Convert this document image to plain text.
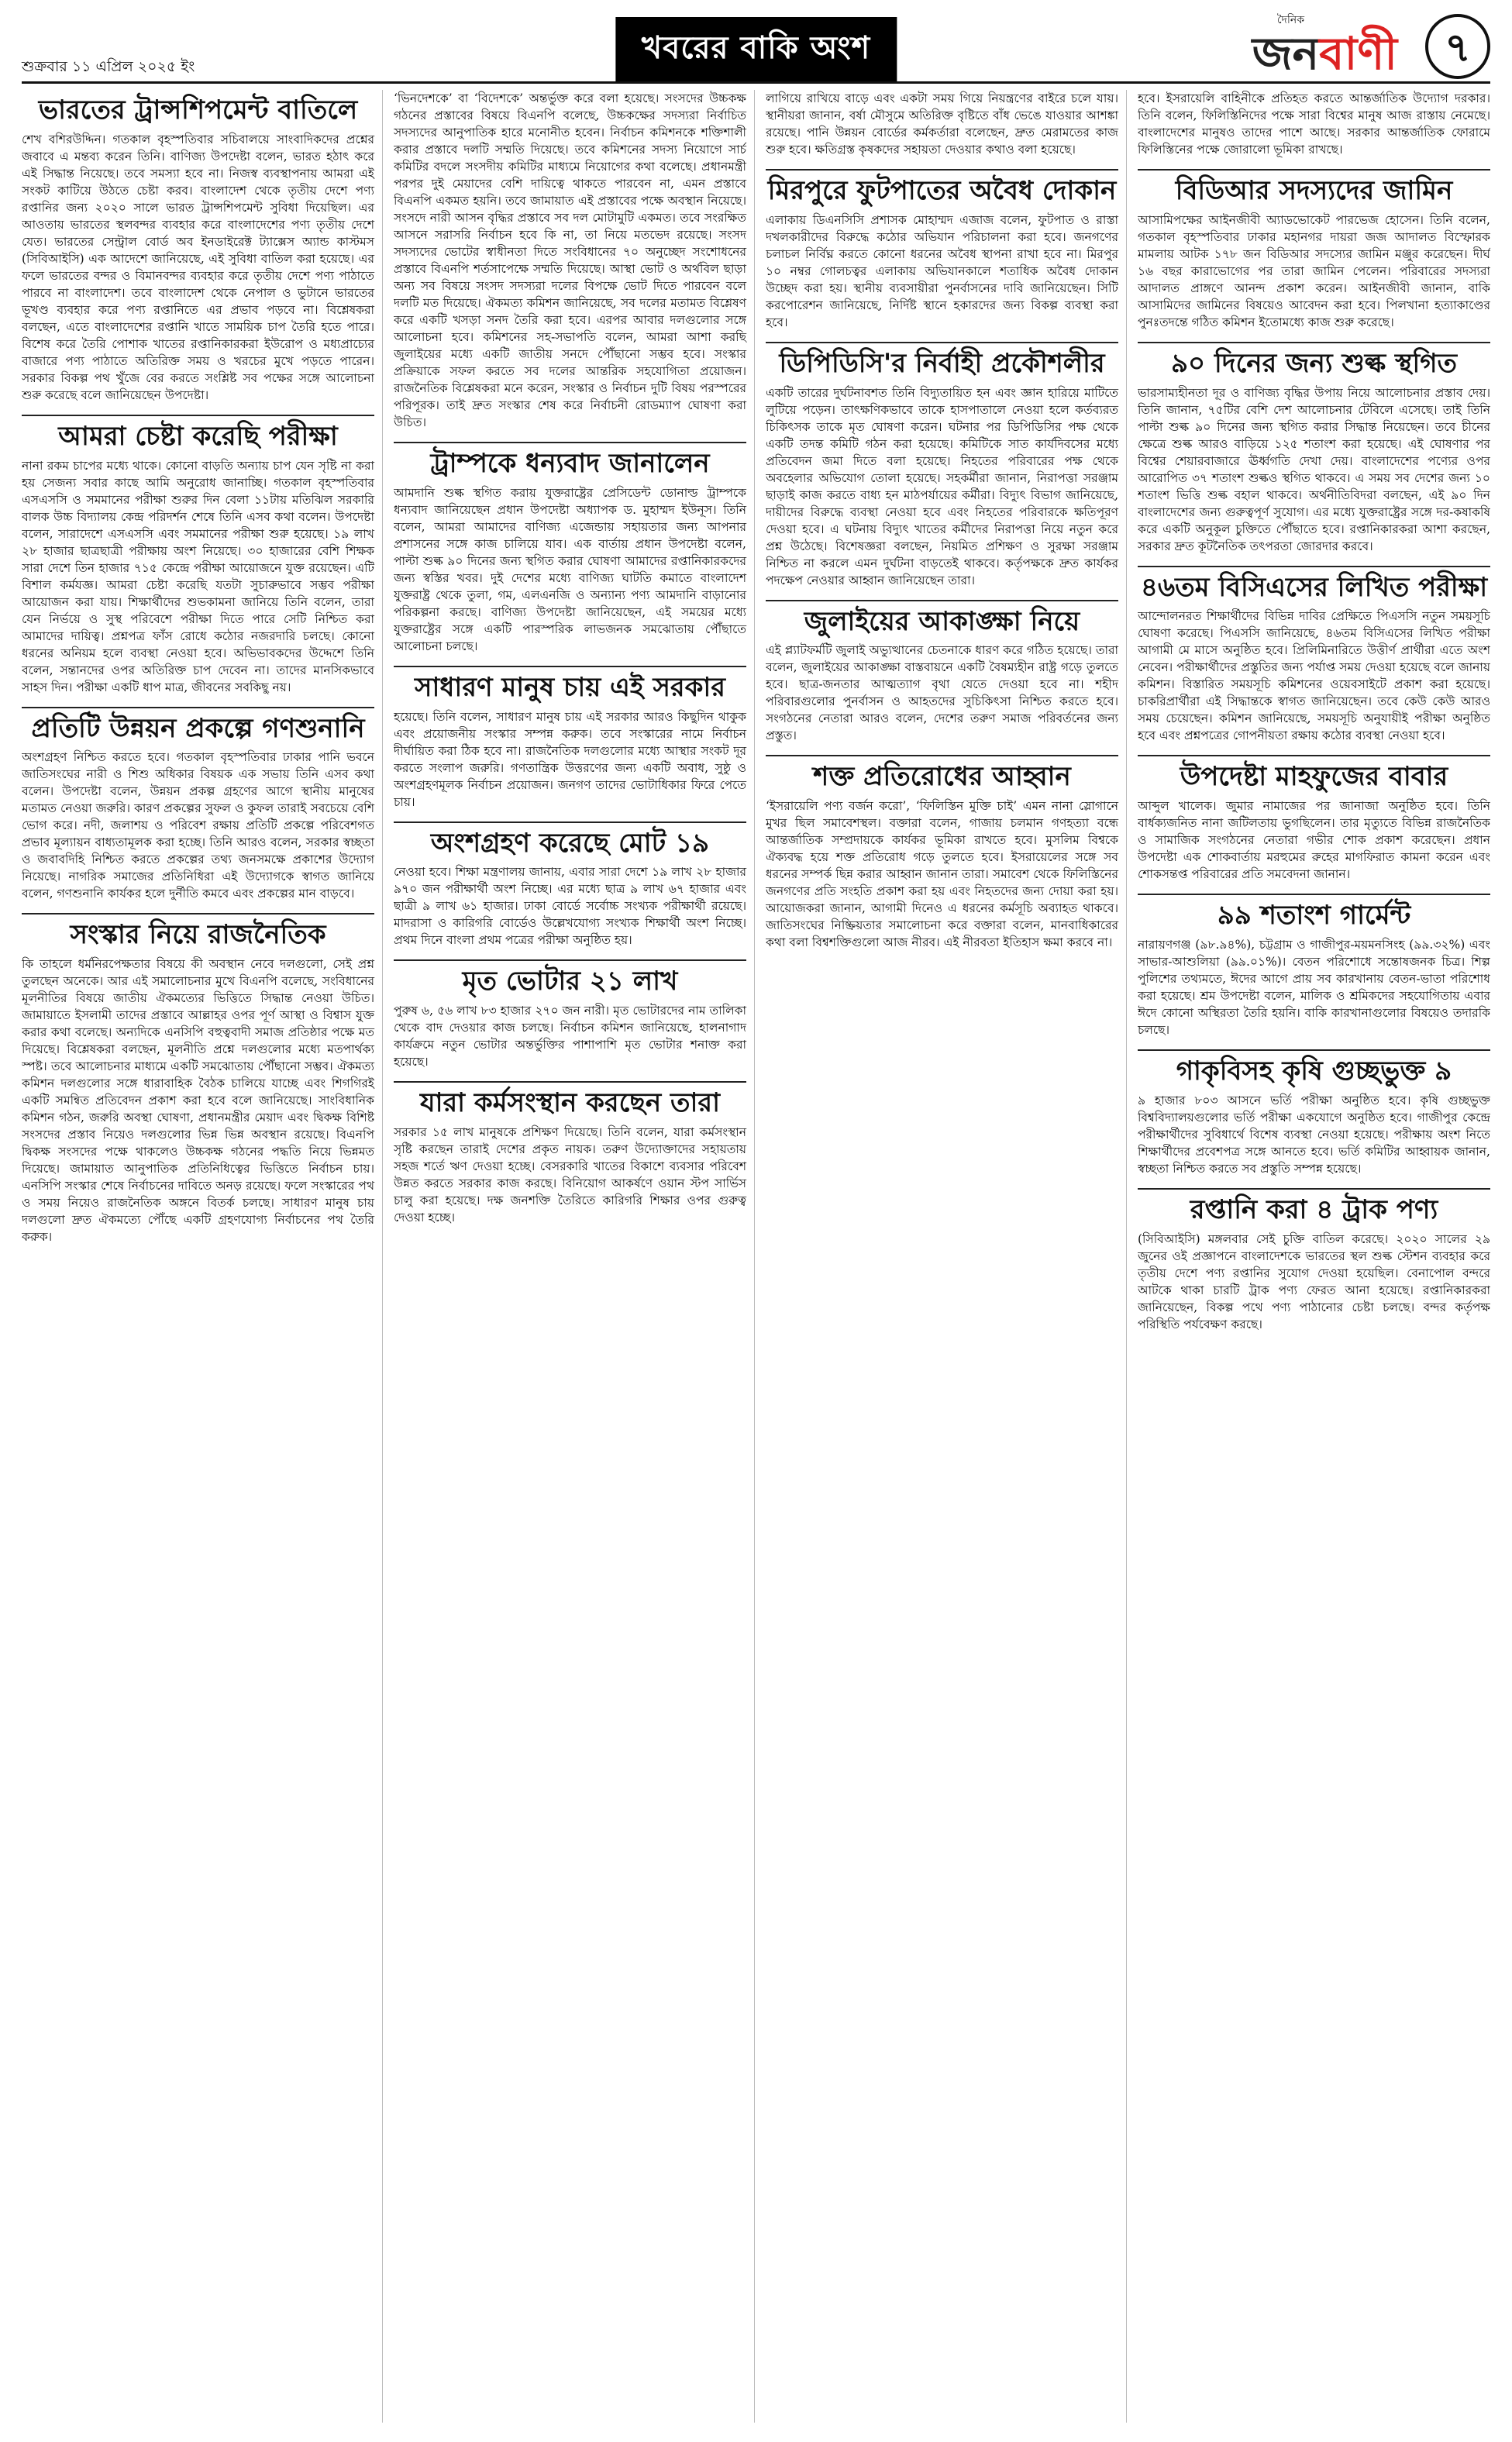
শুক্রবার ১১ এপ্রিল ২০২৫ ইং
খবরের বাকি অংশ
দৈনিক
জনবাণী	৭
ভারতের ট্রান্সশিপমেন্ট বাতিলে

শেখ বশিরউদ্দিন। গতকাল বৃহস্পতিবার সচিবালয়ে সাংবাদিকদের প্রশ্নের জবাবে এ মন্তব্য করেন তিনি। বাণিজ্য উপদেষ্টা বলেন, ভারত হঠাৎ করে এই সিদ্ধান্ত নিয়েছে। তবে সমস্যা হবে না। নিজস্ব ব্যবস্থাপনায় আমরা এই সংকট কাটিয়ে উঠতে চেষ্টা করব। বাংলাদেশ থেকে তৃতীয় দেশে পণ্য রপ্তানির জন্য ২০২০ সালে ভারত ট্রান্সশিপমেন্ট সুবিধা দিয়েছিল। এর আওতায় ভারতের স্থলবন্দর ব্যবহার করে বাংলাদেশের পণ্য তৃতীয় দেশে যেত। ভারতের সেন্ট্রাল বোর্ড অব ইনডাইরেক্ট ট্যাক্সেস অ্যান্ড কাস্টমস (সিবিআইসি) এক আদেশে জানিয়েছে, এই সুবিধা বাতিল করা হয়েছে। এর ফলে ভারতের বন্দর ও বিমানবন্দর ব্যবহার করে তৃতীয় দেশে পণ্য পাঠাতে পারবে না বাংলাদেশ। তবে বাংলাদেশ থেকে নেপাল ও ভুটানে ভারতের ভূখণ্ড ব্যবহার করে পণ্য রপ্তানিতে এর প্রভাব পড়বে না। বিশ্লেষকরা বলছেন, এতে বাংলাদেশের রপ্তানি খাতে সাময়িক চাপ তৈরি হতে পারে। বিশেষ করে তৈরি পোশাক খাতের রপ্তানিকারকরা ইউরোপ ও মধ্যপ্রাচ্যের বাজারে পণ্য পাঠাতে অতিরিক্ত সময় ও খরচের মুখে পড়তে পারেন। সরকার বিকল্প পথ খুঁজে বের করতে সংশ্লিষ্ট সব পক্ষের সঙ্গে আলোচনা শুরু করেছে বলে জানিয়েছেন উপদেষ্টা।

আমরা চেষ্টা করেছি পরীক্ষা

নানা রকম চাপের মধ্যে থাকে। কোনো বাড়তি অন্যায় চাপ যেন সৃষ্টি না করা হয় সেজন্য সবার কাছে আমি অনুরোধ জানাচ্ছি। গতকাল বৃহস্পতিবার এসএসসি ও সমমানের পরীক্ষা শুরুর দিন বেলা ১১টায় মতিঝিল সরকারি বালক উচ্চ বিদ্যালয় কেন্দ্র পরিদর্শন শেষে তিনি এসব কথা বলেন। উপদেষ্টা বলেন, সারাদেশে এসএসসি এবং সমমানের পরীক্ষা শুরু হয়েছে। ১৯ লাখ ২৮ হাজার ছাত্রছাত্রী পরীক্ষায় অংশ নিয়েছে। ৩০ হাজারের বেশি শিক্ষক সারা দেশে তিন হাজার ৭১৫ কেন্দ্রে পরীক্ষা আয়োজনে যুক্ত রয়েছেন। এটি বিশাল কর্মযজ্ঞ। আমরা চেষ্টা করেছি যতটা সুচারুভাবে সম্ভব পরীক্ষা আয়োজন করা যায়। শিক্ষার্থীদের শুভকামনা জানিয়ে তিনি বলেন, তারা যেন নির্ভয়ে ও সুস্থ পরিবেশে পরীক্ষা দিতে পারে সেটি নিশ্চিত করা আমাদের দায়িত্ব। প্রশ্নপত্র ফাঁস রোধে কঠোর নজরদারি চলছে। কোনো ধরনের অনিয়ম হলে ব্যবস্থা নেওয়া হবে। অভিভাবকদের উদ্দেশে তিনি বলেন, সন্তানদের ওপর অতিরিক্ত চাপ দেবেন না। তাদের মানসিকভাবে সাহস দিন। পরীক্ষা একটি ধাপ মাত্র, জীবনের সবকিছু নয়।

প্রতিটি উন্নয়ন প্রকল্পে গণশুনানি

অংশগ্রহণ নিশ্চিত করতে হবে। গতকাল বৃহস্পতিবার ঢাকার পানি ভবনে জাতিসংঘের নারী ও শিশু অধিকার বিষয়ক এক সভায় তিনি এসব কথা বলেন। উপদেষ্টা বলেন, উন্নয়ন প্রকল্প গ্রহণের আগে স্থানীয় মানুষের মতামত নেওয়া জরুরি। কারণ প্রকল্পের সুফল ও কুফল তারাই সবচেয়ে বেশি ভোগ করে। নদী, জলাশয় ও পরিবেশ রক্ষায় প্রতিটি প্রকল্পে পরিবেশগত প্রভাব মূল্যায়ন বাধ্যতামূলক করা হচ্ছে। তিনি আরও বলেন, সরকার স্বচ্ছতা ও জবাবদিহি নিশ্চিত করতে প্রকল্পের তথ্য জনসমক্ষে প্রকাশের উদ্যোগ নিয়েছে। নাগরিক সমাজের প্রতিনিধিরা এই উদ্যোগকে স্বাগত জানিয়ে বলেন, গণশুনানি কার্যকর হলে দুর্নীতি কমবে এবং প্রকল্পের মান বাড়বে।

সংস্কার নিয়ে রাজনৈতিক

কি তাহলে ধর্মনিরপেক্ষতার বিষয়ে কী অবস্থান নেবে দলগুলো, সেই প্রশ্ন তুলছেন অনেকে। আর এই সমালোচনার মুখে বিএনপি বলেছে, সংবিধানের মূলনীতির বিষয়ে জাতীয় ঐকমত্যের ভিত্তিতে সিদ্ধান্ত নেওয়া উচিত। জামায়াতে ইসলামী তাদের প্রস্তাবে আল্লাহর ওপর পূর্ণ আস্থা ও বিশ্বাস যুক্ত করার কথা বলেছে। অন্যদিকে এনসিপি বহুত্ববাদী সমাজ প্রতিষ্ঠার পক্ষে মত দিয়েছে। বিশ্লেষকরা বলছেন, মূলনীতি প্রশ্নে দলগুলোর মধ্যে মতপার্থক্য স্পষ্ট। তবে আলোচনার মাধ্যমে একটি সমঝোতায় পৌঁছানো সম্ভব। ঐকমত্য কমিশন দলগুলোর সঙ্গে ধারাবাহিক বৈঠক চালিয়ে যাচ্ছে এবং শিগগিরই একটি সমন্বিত প্রতিবেদন প্রকাশ করা হবে বলে জানিয়েছে। সাংবিধানিক কমিশন গঠন, জরুরি অবস্থা ঘোষণা, প্রধানমন্ত্রীর মেয়াদ এবং দ্বিকক্ষ বিশিষ্ট সংসদের প্রস্তাব নিয়েও দলগুলোর ভিন্ন ভিন্ন অবস্থান রয়েছে। বিএনপি দ্বিকক্ষ সংসদের পক্ষে থাকলেও উচ্চকক্ষ গঠনের পদ্ধতি নিয়ে ভিন্নমত দিয়েছে। জামায়াত আনুপাতিক প্রতিনিধিত্বের ভিত্তিতে নির্বাচন চায়। এনসিপি সংস্কার শেষে নির্বাচনের দাবিতে অনড় রয়েছে। ফলে সংস্কারের পথ ও সময় নিয়েও রাজনৈতিক অঙ্গনে বিতর্ক চলছে। সাধারণ মানুষ চায় দলগুলো দ্রুত ঐকমত্যে পৌঁছে একটি গ্রহণযোগ্য নির্বাচনের পথ তৈরি করুক।

‘ভিনদেশকে’ বা ‘বিদেশকে’ অন্তর্ভুক্ত করে বলা হয়েছে। সংসদের উচ্চকক্ষ গঠনের প্রস্তাবের বিষয়ে বিএনপি বলেছে, উচ্চকক্ষের সদস্যরা নির্বাচিত সদস্যদের আনুপাতিক হারে মনোনীত হবেন। নির্বাচন কমিশনকে শক্তিশালী করার প্রস্তাবে দলটি সম্মতি দিয়েছে। তবে কমিশনের সদস্য নিয়োগে সার্চ কমিটির বদলে সংসদীয় কমিটির মাধ্যমে নিয়োগের কথা বলেছে। প্রধানমন্ত্রী পরপর দুই মেয়াদের বেশি দায়িত্বে থাকতে পারবেন না, এমন প্রস্তাবে বিএনপি একমত হয়নি। তবে জামায়াত এই প্রস্তাবের পক্ষে অবস্থান নিয়েছে। সংসদে নারী আসন বৃদ্ধির প্রস্তাবে সব দল মোটামুটি একমত। তবে সংরক্ষিত আসনে সরাসরি নির্বাচন হবে কি না, তা নিয়ে মতভেদ রয়েছে। সংসদ সদস্যদের ভোটের স্বাধীনতা দিতে সংবিধানের ৭০ অনুচ্ছেদ সংশোধনের প্রস্তাবে বিএনপি শর্তসাপেক্ষে সম্মতি দিয়েছে। আস্থা ভোট ও অর্থবিল ছাড়া অন্য সব বিষয়ে সংসদ সদস্যরা দলের বিপক্ষে ভোট দিতে পারবেন বলে দলটি মত দিয়েছে। ঐকমত্য কমিশন জানিয়েছে, সব দলের মতামত বিশ্লেষণ করে একটি খসড়া সনদ তৈরি করা হবে। এরপর আবার দলগুলোর সঙ্গে আলোচনা হবে। কমিশনের সহ-সভাপতি বলেন, আমরা আশা করছি জুলাইয়ের মধ্যে একটি জাতীয় সনদে পৌঁছানো সম্ভব হবে। সংস্কার প্রক্রিয়াকে সফল করতে সব দলের আন্তরিক সহযোগিতা প্রয়োজন। রাজনৈতিক বিশ্লেষকরা মনে করেন, সংস্কার ও নির্বাচন দুটি বিষয় পরস্পরের পরিপূরক। তাই দ্রুত সংস্কার শেষ করে নির্বাচনী রোডম্যাপ ঘোষণা করা উচিত।

ট্রাম্পকে ধন্যবাদ জানালেন

আমদানি শুল্ক স্থগিত করায় যুক্তরাষ্ট্রের প্রেসিডেন্ট ডোনাল্ড ট্রাম্পকে ধন্যবাদ জানিয়েছেন প্রধান উপদেষ্টা অধ্যাপক ড. মুহাম্মদ ইউনূস। তিনি বলেন, আমরা আমাদের বাণিজ্য এজেন্ডায় সহায়তার জন্য আপনার প্রশাসনের সঙ্গে কাজ চালিয়ে যাব। এক বার্তায় প্রধান উপদেষ্টা বলেন, পাল্টা শুল্ক ৯০ দিনের জন্য স্থগিত করার ঘোষণা আমাদের রপ্তানিকারকদের জন্য স্বস্তির খবর। দুই দেশের মধ্যে বাণিজ্য ঘাটতি কমাতে বাংলাদেশ যুক্তরাষ্ট্র থেকে তুলা, গম, এলএনজি ও অন্যান্য পণ্য আমদানি বাড়ানোর পরিকল্পনা করছে। বাণিজ্য উপদেষ্টা জানিয়েছেন, এই সময়ের মধ্যে যুক্তরাষ্ট্রের সঙ্গে একটি পারস্পরিক লাভজনক সমঝোতায় পৌঁছাতে আলোচনা চলছে।

সাধারণ মানুষ চায় এই সরকার

হয়েছে। তিনি বলেন, সাধারণ মানুষ চায় এই সরকার আরও কিছুদিন থাকুক এবং প্রয়োজনীয় সংস্কার সম্পন্ন করুক। তবে সংস্কারের নামে নির্বাচন দীর্ঘায়িত করা ঠিক হবে না। রাজনৈতিক দলগুলোর মধ্যে আস্থার সংকট দূর করতে সংলাপ জরুরি। গণতান্ত্রিক উত্তরণের জন্য একটি অবাধ, সুষ্ঠু ও অংশগ্রহণমূলক নির্বাচন প্রয়োজন। জনগণ তাদের ভোটাধিকার ফিরে পেতে চায়।

অংশগ্রহণ করেছে মোট ১৯

নেওয়া হবে। শিক্ষা মন্ত্রণালয় জানায়, এবার সারা দেশে ১৯ লাখ ২৮ হাজার ৯৭০ জন পরীক্ষার্থী অংশ নিচ্ছে। এর মধ্যে ছাত্র ৯ লাখ ৬৭ হাজার এবং ছাত্রী ৯ লাখ ৬১ হাজার। ঢাকা বোর্ডে সর্বোচ্চ সংখ্যক পরীক্ষার্থী রয়েছে। মাদরাসা ও কারিগরি বোর্ডেও উল্লেখযোগ্য সংখ্যক শিক্ষার্থী অংশ নিচ্ছে। প্রথম দিনে বাংলা প্রথম পত্রের পরীক্ষা অনুষ্ঠিত হয়।

মৃত ভোটার ২১ লাখ

পুরুষ ৬, ৫৬ লাখ ৮৩ হাজার ২৭০ জন নারী। মৃত ভোটারদের নাম তালিকা থেকে বাদ দেওয়ার কাজ চলছে। নির্বাচন কমিশন জানিয়েছে, হালনাগাদ কার্যক্রমে নতুন ভোটার অন্তর্ভুক্তির পাশাপাশি মৃত ভোটার শনাক্ত করা হয়েছে।

যারা কর্মসংস্থান করছেন তারা

সরকার ১৫ লাখ মানুষকে প্রশিক্ষণ দিয়েছে। তিনি বলেন, যারা কর্মসংস্থান সৃষ্টি করছেন তারাই দেশের প্রকৃত নায়ক। তরুণ উদ্যোক্তাদের সহায়তায় সহজ শর্তে ঋণ দেওয়া হচ্ছে। বেসরকারি খাতের বিকাশে ব্যবসার পরিবেশ উন্নত করতে সরকার কাজ করছে। বিনিয়োগ আকর্ষণে ওয়ান স্টপ সার্ভিস চালু করা হয়েছে। দক্ষ জনশক্তি তৈরিতে কারিগরি শিক্ষার ওপর গুরুত্ব দেওয়া হচ্ছে।

লাগিয়ে রাখিয়ে বাড়ে এবং একটা সময় গিয়ে নিয়ন্ত্রণের বাইরে চলে যায়। স্থানীয়রা জানান, বর্ষা মৌসুমে অতিরিক্ত বৃষ্টিতে বাঁধ ভেঙে যাওয়ার আশঙ্কা রয়েছে। পানি উন্নয়ন বোর্ডের কর্মকর্তারা বলেছেন, দ্রুত মেরামতের কাজ শুরু হবে। ক্ষতিগ্রস্ত কৃষকদের সহায়তা দেওয়ার কথাও বলা হয়েছে।

মিরপুরে ফুটপাতের অবৈধ দোকান

এলাকায় ডিএনসিসি প্রশাসক মোহাম্মদ এজাজ বলেন, ফুটপাত ও রাস্তা দখলকারীদের বিরুদ্ধে কঠোর অভিযান পরিচালনা করা হবে। জনগণের চলাচল নির্বিঘ্ন করতে কোনো ধরনের অবৈধ স্থাপনা রাখা হবে না। মিরপুর ১০ নম্বর গোলচত্বর এলাকায় অভিযানকালে শতাধিক অবৈধ দোকান উচ্ছেদ করা হয়। স্থানীয় ব্যবসায়ীরা পুনর্বাসনের দাবি জানিয়েছেন। সিটি করপোরেশন জানিয়েছে, নির্দিষ্ট স্থানে হকারদের জন্য বিকল্প ব্যবস্থা করা হবে।

ডিপিডিসি'র নির্বাহী প্রকৌশলীর

একটি তারের দুর্ঘটনাবশত তিনি বিদ্যুতায়িত হন এবং জ্ঞান হারিয়ে মাটিতে লুটিয়ে পড়েন। তাৎক্ষণিকভাবে তাকে হাসপাতালে নেওয়া হলে কর্তব্যরত চিকিৎসক তাকে মৃত ঘোষণা করেন। ঘটনার পর ডিপিডিসির পক্ষ থেকে একটি তদন্ত কমিটি গঠন করা হয়েছে। কমিটিকে সাত কার্যদিবসের মধ্যে প্রতিবেদন জমা দিতে বলা হয়েছে। নিহতের পরিবারের পক্ষ থেকে অবহেলার অভিযোগ তোলা হয়েছে। সহকর্মীরা জানান, নিরাপত্তা সরঞ্জাম ছাড়াই কাজ করতে বাধ্য হন মাঠপর্যায়ের কর্মীরা। বিদ্যুৎ বিভাগ জানিয়েছে, দায়ীদের বিরুদ্ধে ব্যবস্থা নেওয়া হবে এবং নিহতের পরিবারকে ক্ষতিপূরণ দেওয়া হবে। এ ঘটনায় বিদ্যুৎ খাতের কর্মীদের নিরাপত্তা নিয়ে নতুন করে প্রশ্ন উঠেছে। বিশেষজ্ঞরা বলছেন, নিয়মিত প্রশিক্ষণ ও সুরক্ষা সরঞ্জাম নিশ্চিত না করলে এমন দুর্ঘটনা বাড়তেই থাকবে। কর্তৃপক্ষকে দ্রুত কার্যকর পদক্ষেপ নেওয়ার আহ্বান জানিয়েছেন তারা।

জুলাইয়ের আকাঙ্ক্ষা নিয়ে

এই প্ল্যাটফর্মটি জুলাই অভ্যুত্থানের চেতনাকে ধারণ করে গঠিত হয়েছে। তারা বলেন, জুলাইয়ের আকাঙ্ক্ষা বাস্তবায়নে একটি বৈষম্যহীন রাষ্ট্র গড়ে তুলতে হবে। ছাত্র-জনতার আত্মত্যাগ বৃথা যেতে দেওয়া হবে না। শহীদ পরিবারগুলোর পুনর্বাসন ও আহতদের সুচিকিৎসা নিশ্চিত করতে হবে। সংগঠনের নেতারা আরও বলেন, দেশের তরুণ সমাজ পরিবর্তনের জন্য প্রস্তুত।

শক্ত প্রতিরোধের আহ্বান

‘ইসরায়েলি পণ্য বর্জন করো’, ‘ফিলিস্তিন মুক্তি চাই’ এমন নানা স্লোগানে মুখর ছিল সমাবেশস্থল। বক্তারা বলেন, গাজায় চলমান গণহত্যা বন্ধে আন্তর্জাতিক সম্প্রদায়কে কার্যকর ভূমিকা রাখতে হবে। মুসলিম বিশ্বকে ঐক্যবদ্ধ হয়ে শক্ত প্রতিরোধ গড়ে তুলতে হবে। ইসরায়েলের সঙ্গে সব ধরনের সম্পর্ক ছিন্ন করার আহ্বান জানান তারা। সমাবেশ থেকে ফিলিস্তিনের জনগণের প্রতি সংহতি প্রকাশ করা হয় এবং নিহতদের জন্য দোয়া করা হয়। আয়োজকরা জানান, আগামী দিনেও এ ধরনের কর্মসূচি অব্যাহত থাকবে। জাতিসংঘের নিষ্ক্রিয়তার সমালোচনা করে বক্তারা বলেন, মানবাধিকারের কথা বলা বিশ্বশক্তিগুলো আজ নীরব। এই নীরবতা ইতিহাস ক্ষমা করবে না।

হবে। ইসরায়েলি বাহিনীকে প্রতিহত করতে আন্তর্জাতিক উদ্যোগ দরকার। তিনি বলেন, ফিলিস্তিনিদের পক্ষে সারা বিশ্বের মানুষ আজ রাস্তায় নেমেছে। বাংলাদেশের মানুষও তাদের পাশে আছে। সরকার আন্তর্জাতিক ফোরামে ফিলিস্তিনের পক্ষে জোরালো ভূমিকা রাখছে।

বিডিআর সদস্যদের জামিন

আসামিপক্ষের আইনজীবী অ্যাডভোকেট পারভেজ হোসেন। তিনি বলেন, গতকাল বৃহস্পতিবার ঢাকার মহানগর দায়রা জজ আদালত বিস্ফোরক মামলায় আটক ১৭৮ জন বিডিআর সদস্যের জামিন মঞ্জুর করেছেন। দীর্ঘ ১৬ বছর কারাভোগের পর তারা জামিন পেলেন। পরিবারের সদস্যরা আদালত প্রাঙ্গণে আনন্দ প্রকাশ করেন। আইনজীবী জানান, বাকি আসামিদের জামিনের বিষয়েও আবেদন করা হবে। পিলখানা হত্যাকাণ্ডের পুনঃতদন্তে গঠিত কমিশন ইতোমধ্যে কাজ শুরু করেছে।

৯০ দিনের জন্য শুল্ক স্থগিত

ভারসাম্যহীনতা দূর ও বাণিজ্য বৃদ্ধির উপায় নিয়ে আলোচনার প্রস্তাব দেয়। তিনি জানান, ৭৫টির বেশি দেশ আলোচনার টেবিলে এসেছে। তাই তিনি পাল্টা শুল্ক ৯০ দিনের জন্য স্থগিত করার সিদ্ধান্ত নিয়েছেন। তবে চীনের ক্ষেত্রে শুল্ক আরও বাড়িয়ে ১২৫ শতাংশ করা হয়েছে। এই ঘোষণার পর বিশ্বের শেয়ারবাজারে ঊর্ধ্বগতি দেখা দেয়। বাংলাদেশের পণ্যের ওপর আরোপিত ৩৭ শতাংশ শুল্কও স্থগিত থাকবে। এ সময় সব দেশের জন্য ১০ শতাংশ ভিত্তি শুল্ক বহাল থাকবে। অর্থনীতিবিদরা বলছেন, এই ৯০ দিন বাংলাদেশের জন্য গুরুত্বপূর্ণ সুযোগ। এর মধ্যে যুক্তরাষ্ট্রের সঙ্গে দর-কষাকষি করে একটি অনুকূল চুক্তিতে পৌঁছাতে হবে। রপ্তানিকারকরা আশা করছেন, সরকার দ্রুত কূটনৈতিক তৎপরতা জোরদার করবে।

৪৬তম বিসিএসের লিখিত পরীক্ষা

আন্দোলনরত শিক্ষার্থীদের বিভিন্ন দাবির প্রেক্ষিতে পিএসসি নতুন সময়সূচি ঘোষণা করেছে। পিএসসি জানিয়েছে, ৪৬তম বিসিএসের লিখিত পরীক্ষা আগামী মে মাসে অনুষ্ঠিত হবে। প্রিলিমিনারিতে উত্তীর্ণ প্রার্থীরা এতে অংশ নেবেন। পরীক্ষার্থীদের প্রস্তুতির জন্য পর্যাপ্ত সময় দেওয়া হয়েছে বলে জানায় কমিশন। বিস্তারিত সময়সূচি কমিশনের ওয়েবসাইটে প্রকাশ করা হয়েছে। চাকরিপ্রার্থীরা এই সিদ্ধান্তকে স্বাগত জানিয়েছেন। তবে কেউ কেউ আরও সময় চেয়েছেন। কমিশন জানিয়েছে, সময়সূচি অনুযায়ীই পরীক্ষা অনুষ্ঠিত হবে এবং প্রশ্নপত্রের গোপনীয়তা রক্ষায় কঠোর ব্যবস্থা নেওয়া হবে।

উপদেষ্টা মাহফুজের বাবার

আব্দুল খালেক। জুমার নামাজের পর জানাজা অনুষ্ঠিত হবে। তিনি বার্ধক্যজনিত নানা জটিলতায় ভুগছিলেন। তার মৃত্যুতে বিভিন্ন রাজনৈতিক ও সামাজিক সংগঠনের নেতারা গভীর শোক প্রকাশ করেছেন। প্রধান উপদেষ্টা এক শোকবার্তায় মরহুমের রুহের মাগফিরাত কামনা করেন এবং শোকসন্তপ্ত পরিবারের প্রতি সমবেদনা জানান।

৯৯ শতাংশ গার্মেন্ট

নারায়ণগঞ্জ (৯৮.৯৪%), চট্টগ্রাম ও গাজীপুর-ময়মনসিংহ (৯৯.৩২%) এবং সাভার-আশুলিয়া (৯৯.০১%)। বেতন পরিশোধে সন্তোষজনক চিত্র। শিল্প পুলিশের তথ্যমতে, ঈদের আগে প্রায় সব কারখানায় বেতন-ভাতা পরিশোধ করা হয়েছে। শ্রম উপদেষ্টা বলেন, মালিক ও শ্রমিকদের সহযোগিতায় এবার ঈদে কোনো অস্থিরতা তৈরি হয়নি। বাকি কারখানাগুলোর বিষয়েও তদারকি চলছে।

গাকৃবিসহ কৃষি গুচ্ছভুক্ত ৯

৯ হাজার ৮০৩ আসনে ভর্তি পরীক্ষা অনুষ্ঠিত হবে। কৃষি গুচ্ছভুক্ত বিশ্ববিদ্যালয়গুলোর ভর্তি পরীক্ষা একযোগে অনুষ্ঠিত হবে। গাজীপুর কেন্দ্রে পরীক্ষার্থীদের সুবিধার্থে বিশেষ ব্যবস্থা নেওয়া হয়েছে। পরীক্ষায় অংশ নিতে শিক্ষার্থীদের প্রবেশপত্র সঙ্গে আনতে হবে। ভর্তি কমিটির আহ্বায়ক জানান, স্বচ্ছতা নিশ্চিত করতে সব প্রস্তুতি সম্পন্ন হয়েছে।

রপ্তানি করা ৪ ট্রাক পণ্য

(সিবিআইসি) মঙ্গলবার সেই চুক্তি বাতিল করেছে। ২০২০ সালের ২৯ জুনের ওই প্রজ্ঞাপনে বাংলাদেশকে ভারতের স্থল শুল্ক স্টেশন ব্যবহার করে তৃতীয় দেশে পণ্য রপ্তানির সুযোগ দেওয়া হয়েছিল। বেনাপোল বন্দরে আটকে থাকা চারটি ট্রাক পণ্য ফেরত আনা হয়েছে। রপ্তানিকারকরা জানিয়েছেন, বিকল্প পথে পণ্য পাঠানোর চেষ্টা চলছে। বন্দর কর্তৃপক্ষ পরিস্থিতি পর্যবেক্ষণ করছে।
